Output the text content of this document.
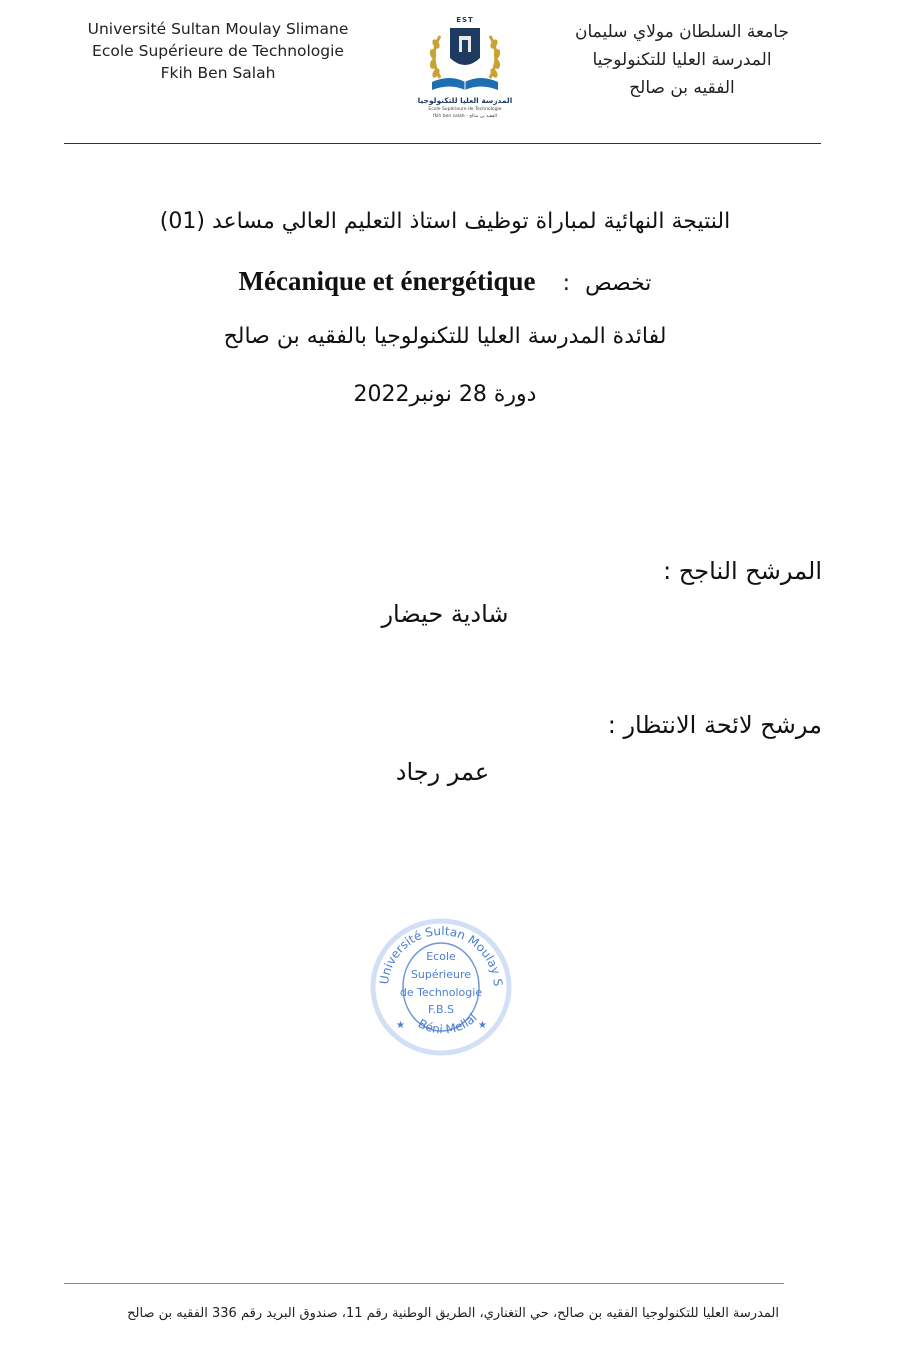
Université Sultan Moulay Slimane
Ecole Supérieure de Technologie
Fkih Ben Salah
EST
المدرسة العليا للتكنولوجيا
Ecole Supérieure de Technologie
fkih ben salah - الفقيه بن صالح
جامعة السلطان مولاي سليمان
المدرسة العليا للتكنولوجيا
الفقيه بن صالح
النتيجة النهائية لمباراة توظيف استاذ التعليم العالي مساعد (01)
Mécanique et énergétique : تخصص
لفائدة المدرسة العليا للتكنولوجيا بالفقيه بن صالح
دورة 28 نونبر2022
المرشح الناجح :
شادية حيضار
مرشح لائحة الانتظار :
عمر رجاد
Université Sultan Moulay S
Béni Mellal
★	★
Ecole
Supérieure
de Technologie
F.B.S
المدرسة العليا للتكنولوجيا الفقيه بن صالح، حي التغناري، الطريق الوطنية رقم 11، صندوق البريد رقم 336 الفقيه بن صالح
